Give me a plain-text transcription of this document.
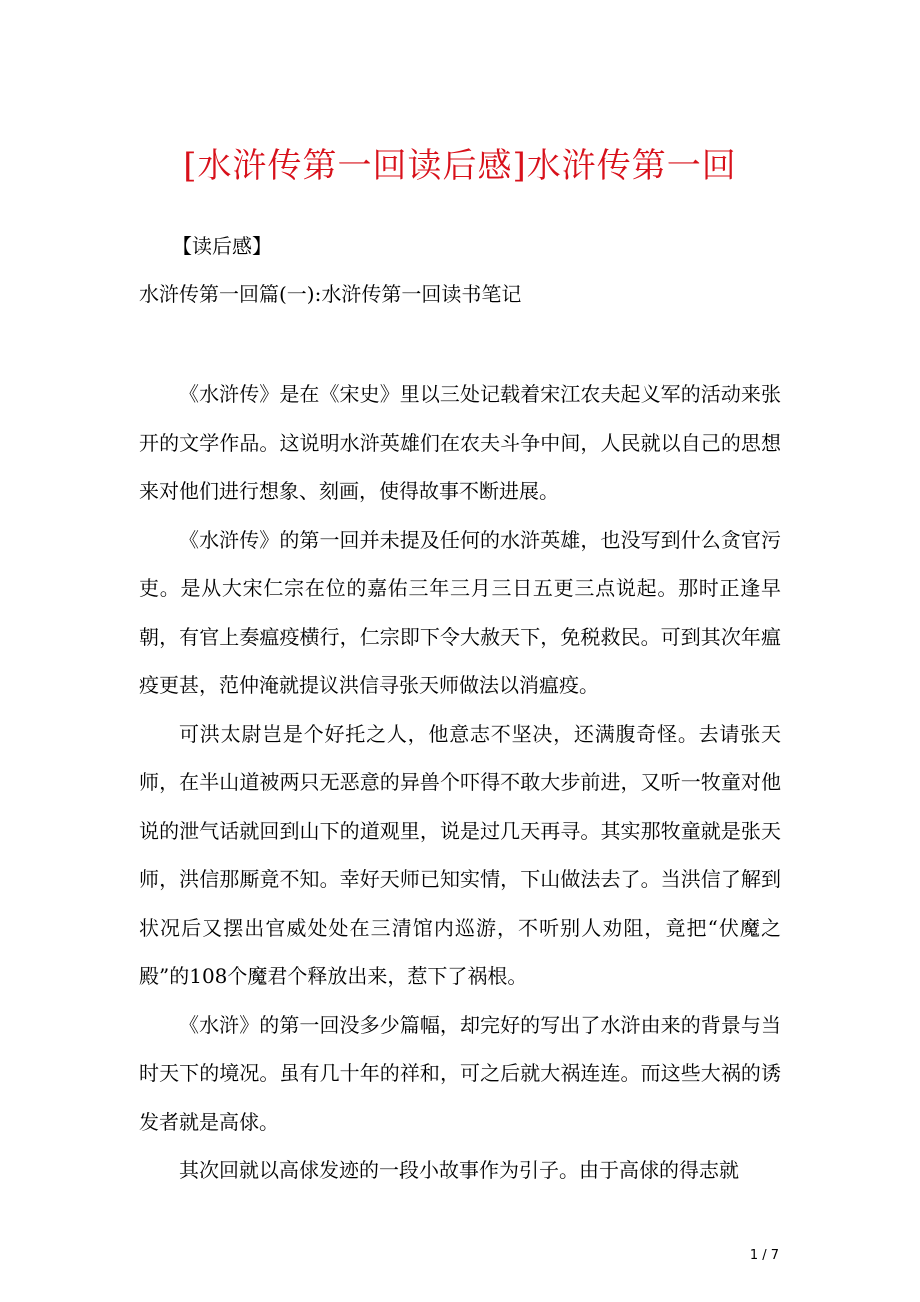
[水浒传第一回读后感]水浒传第一回
【读后感】
水浒传第一回篇(一):水浒传第一回读书笔记

《水浒传》是在《宋史》里以三处记载着宋江农夫起义军的活动来张开的文学作品。这说明水浒英雄们在农夫斗争中间，人民就以自己的思想来对他们进行想象、刻画，使得故事不断进展。

《水浒传》的第一回并未提及任何的水浒英雄，也没写到什么贪官污吏。是从大宋仁宗在位的嘉佑三年三月三日五更三点说起。那时正逢早朝，有官上奏瘟疫横行，仁宗即下令大赦天下，免税救民。可到其次年瘟疫更甚，范仲淹就提议洪信寻张天师做法以消瘟疫。

可洪太尉岂是个好托之人，他意志不坚决，还满腹奇怪。去请张天师，在半山道被两只无恶意的异兽个吓得不敢大步前进，又听一牧童对他说的泄气话就回到山下的道观里，说是过几天再寻。其实那牧童就是张天师，洪信那厮竟不知。幸好天师已知实情，下山做法去了。当洪信了解到状况后又摆出官威处处在三清馆内巡游，不听别人劝阻，竟把“伏魔之殿”的108个魔君个释放出来，惹下了祸根。

《水浒》的第一回没多少篇幅，却完好的写出了水浒由来的背景与当时天下的境况。虽有几十年的祥和，可之后就大祸连连。而这些大祸的诱发者就是高俅。

其次回就以高俅发迹的一段小故事作为引子。由于高俅的得志就

1 / 7
